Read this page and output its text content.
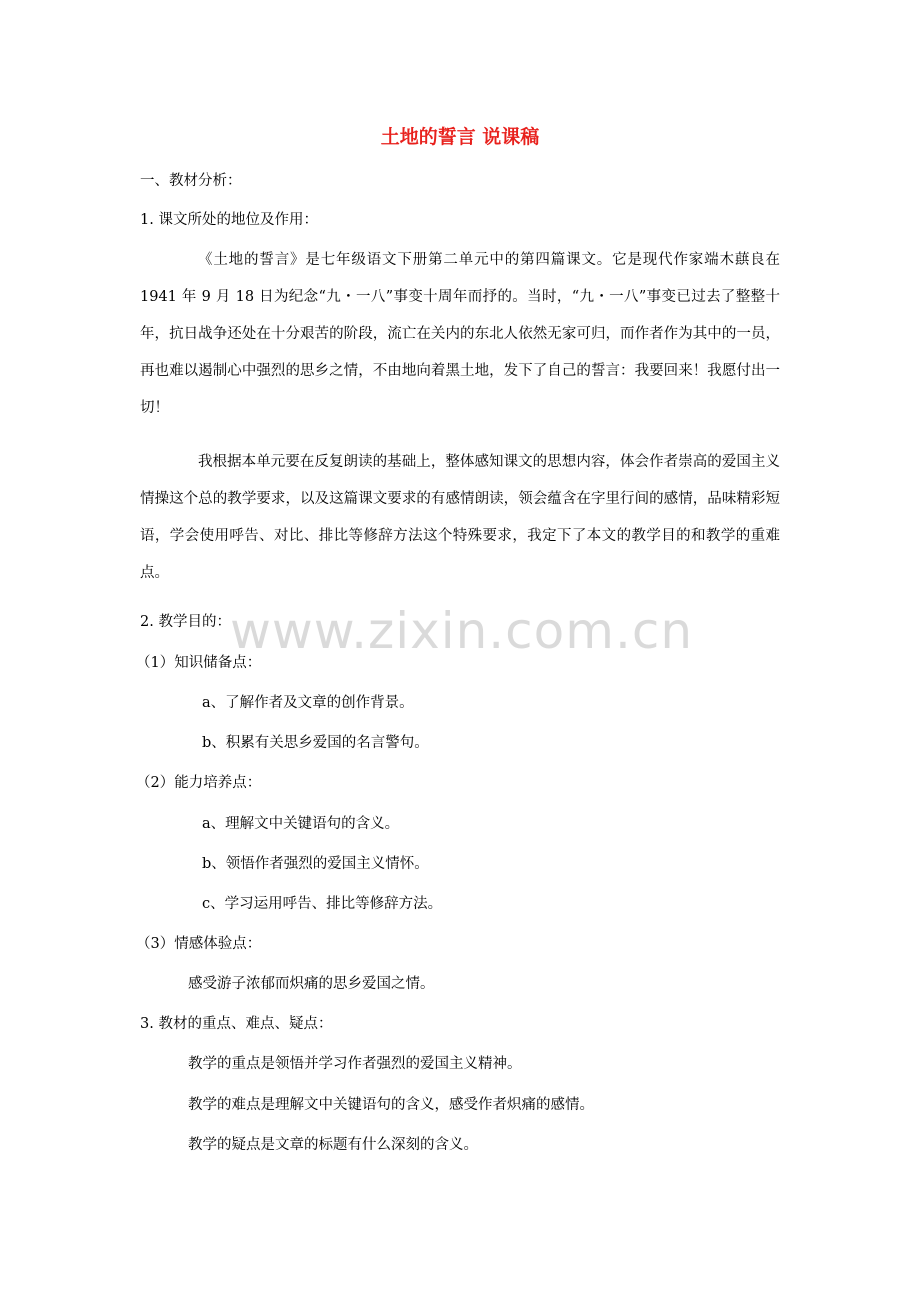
土地的誓言 说课稿
一、教材分析：
1. 课文所处的地位及作用：
《土地的誓言》是七年级语文下册第二单元中的第四篇课文。它是现代作家端木蕻良在 1941 年 9 月 18 日为纪念“九・一八”事变十周年而抒的。当时，“九・一八”事变已过去了整整十年，抗日战争还处在十分艰苦的阶段，流亡在关内的东北人依然无家可归，而作者作为其中的一员，再也难以遏制心中强烈的思乡之情，不由地向着黑土地，发下了自己的誓言：我要回来！我愿付出一切！
我根据本单元要在反复朗读的基础上，整体感知课文的思想内容，体会作者崇高的爱国主义情操这个总的教学要求，以及这篇课文要求的有感情朗读，领会蕴含在字里行间的感情，品味精彩短语，学会使用呼告、对比、排比等修辞方法这个特殊要求，我定下了本文的教学目的和教学的重难点。
2. 教学目的：
（1）知识储备点：
a、了解作者及文章的创作背景。
b、积累有关思乡爱国的名言警句。
（2）能力培养点：
a、理解文中关键语句的含义。
b、领悟作者强烈的爱国主义情怀。
c、学习运用呼告、排比等修辞方法。
（3）情感体验点：
感受游子浓郁而炽痛的思乡爱国之情。
3. 教材的重点、难点、疑点：
教学的重点是领悟并学习作者强烈的爱国主义精神。
教学的难点是理解文中关键语句的含义，感受作者炽痛的感情。
教学的疑点是文章的标题有什么深刻的含义。
www.zixin.com.cn
